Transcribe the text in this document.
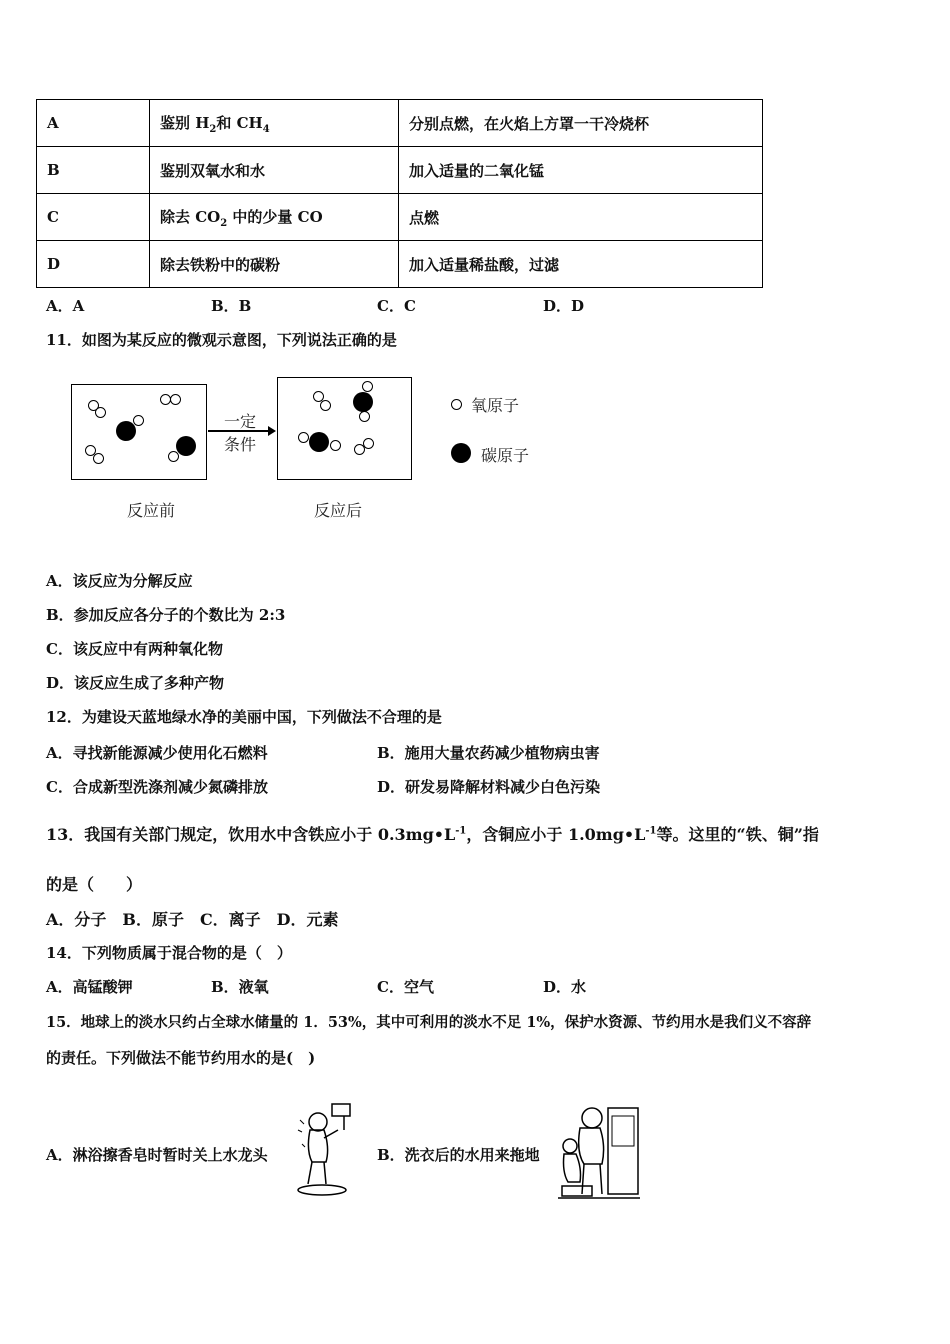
A	鉴别 $H_2$和 $CH_4$	分别点燃，在火焰上方罩一干冷烧杯
B	鉴别双氧水和水	加入适量的二氧化锰
C	除去 $CO_2$ 中的少量 CO	点燃
D	除去铁粉中的碳粉	加入适量稀盐酸，过滤
A．A	B．B	C．C	D．D
11．如图为某反应的微观示意图，下列说法正确的是
一定
条件
反应前	反应后
氧原子
碳原子
A．该反应为分解反应
B．参加反应各分子的个数比为 2:3
C．该反应中有两种氧化物
D．该反应生成了多种产物
12．为建设天蓝地绿水净的美丽中国，下列做法不合理的是
A．寻找新能源减少使用化石燃料	B．施用大量农药减少植物病虫害
C．合成新型洗涤剂减少氮磷排放	D．研发易降解材料减少白色污染
13．我国有关部门规定，饮用水中含铁应小于 $0.3mg•L^{-1}$，含铜应小于 $1.0mg•L^{-1}$等。这里的“铁、铜”指
的是（　　）
A．分子　B．原子　C．离子　D．元素
14．下列物质属于混合物的是（　）
A．高锰酸钾	B．液氧	C．空气	D．水
15．地球上的淡水只约占全球水储量的 1．53%，其中可利用的淡水不足 1%，保护水资源、节约用水是我们义不容辞
的责任。下列做法不能节约用水的是(　)
A．淋浴擦香皂时暂时关上水龙头	B．洗衣后的水用来拖地
